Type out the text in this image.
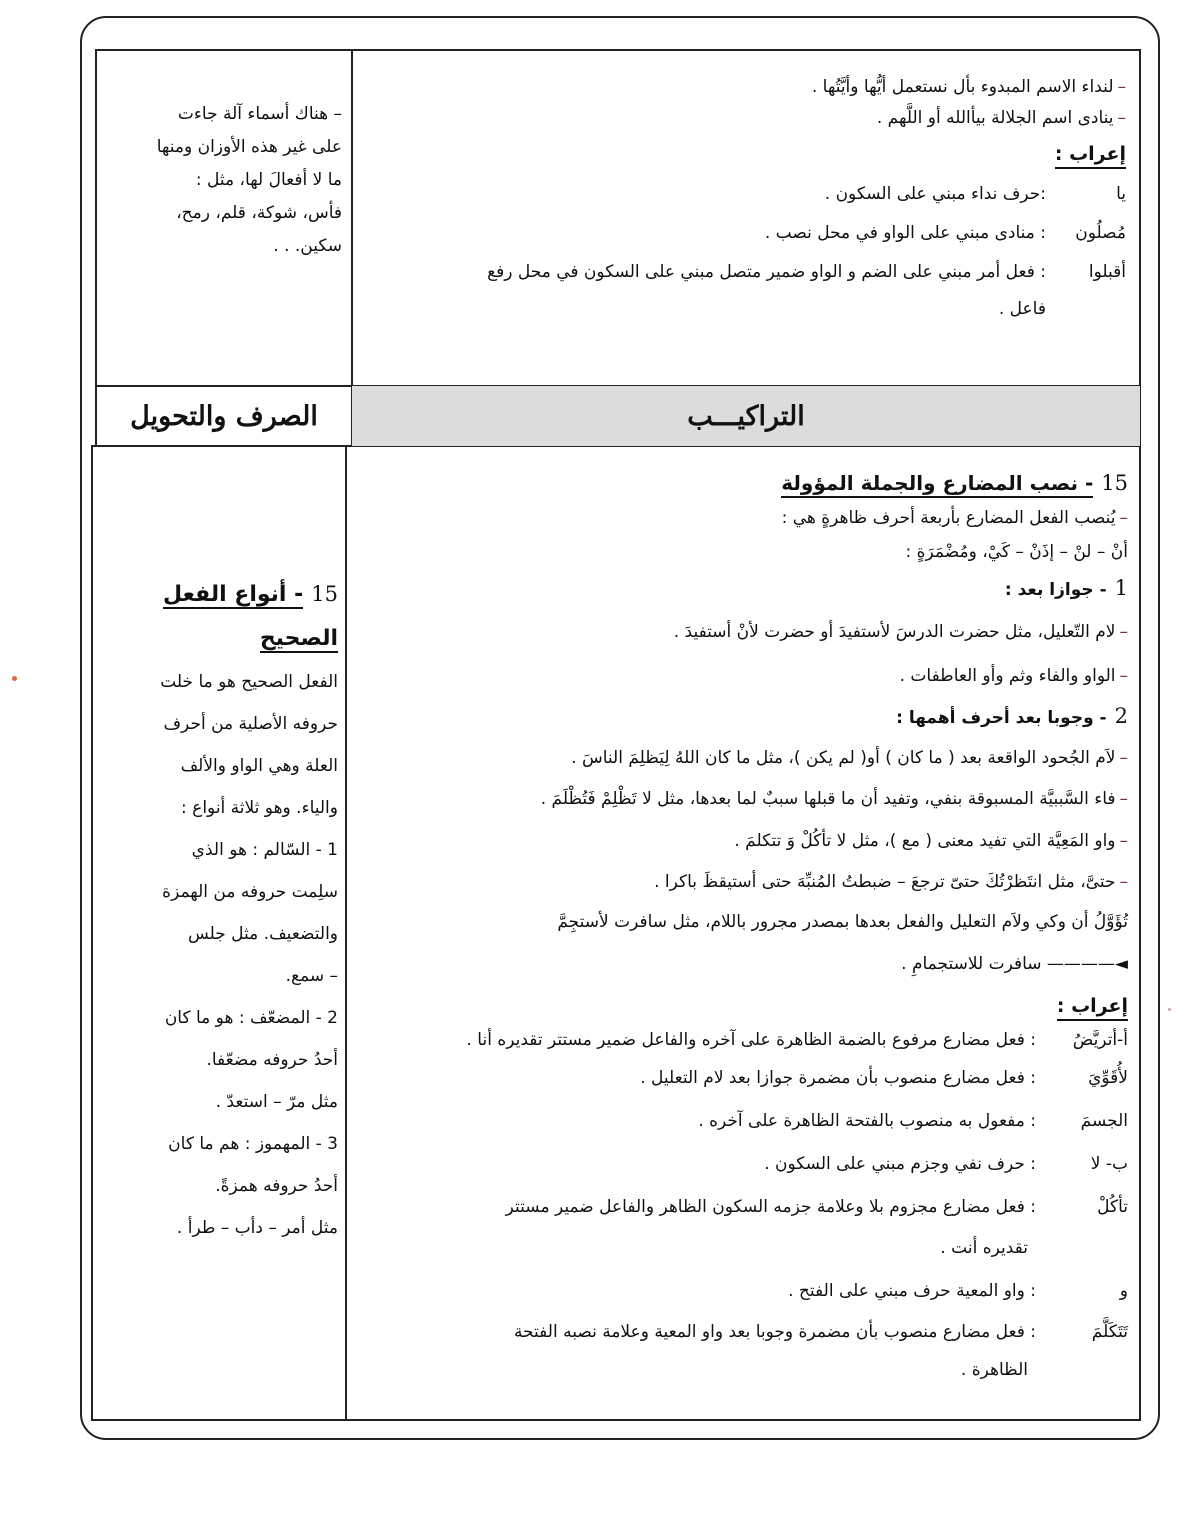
–لنداء الاسم المبدوء بأل نستعمل أيُّها وأيَّتُها .
–ينادى اسم الجلالة بيأالله أو اللَّهم .
إعراب :
يا:حرف نداء مبني على السكون .
مُصلُون: منادى مبني على الواو في محل نصب .
أقبلوا: فعل أمر مبني على الضم و الواو ضمير متصل مبني على السكون في محل رفع
فاعل .
– هناك أسماء آلة جاءت
على غير هذه الأوزان ومنها
ما لا أفعالَ لها، مثل :
فأس، شوكة، قلم، رمح،
سكين. . .
التراكيـــب
الصرف والتحويل
15- نصب المضارع والجملة المؤولة
–يُنصب الفعل المضارع بأربعة أحرف ظاهرةٍ هي :
أنْ – لنْ – إذَنْ – كَيْ، ومُضْمَرَةٍ :
1- جوازا بعد :
–لام التّعليل، مثل حضرت الدرسَ لأستفيدَ أو حضرت لأنْ أستفيدَ .
–الواو والفاء وثم وأو العاطفات .
2- وجوبا بعد أحرف أهمها :
–لاَم الجُحود الواقعة بعد ( ما كان ) أو( لم يكن )، مثل ما كان اللهُ لِيَظلِمَ الناسَ .
–فاء السَّببيَّة المسبوقة بنفي، وتفيد أن ما قبلها سببٌ لما بعدها، مثل لا تَظْلِمْ فَتُظْلَمَ .
–واو المَعِيَّة التي تفيد معنى ( مع )، مثل لا تأكُلْ وَ تتكلمَ .
–حتىَّ، مثل انتَظرْتُكَ حتىّ ترجعَ – ضبطتُ المُنبِّهَ حتى أستيقظَ باكرا .
تُؤَوَّلُ أن وكي ولاَم التعليل والفعل بعدها بمصدر مجرور باللام، مثل سافرت لأستجِمَّ
◄———— سافرت للاستجمامِ .
إعراب :
أ-أتريَّضُ: فعل مضارع مرفوع بالضمة الظاهرة على آخره والفاعل ضمير مستتر تقديره أنا .
لأُقَوِّيَ: فعل مضارع منصوب بأن مضمرة جوازا بعد لام التعليل .
الجسمَ: مفعول به منصوب بالفتحة الظاهرة على آخره .
ب- لا: حرف نفي وجزم مبني على السكون .
تأكُلْ: فعل مضارع مجزوم بلا وعلامة جزمه السكون الظاهر والفاعل ضمير مستتر
تقديره أنت .
و: واو المعية حرف مبني على الفتح .
تَتَكَلَّمَ: فعل مضارع منصوب بأن مضمرة وجوبا بعد واو المعية وعلامة نصبه الفتحة
الظاهرة .
15- أنواع الفعل
الصحيح
الفعل الصحيح هو ما خلت
حروفه الأصلية من أحرف
العلة وهي الواو والألف
والياء. وهو ثلاثة أنواع :
1 - السّالم : هو الذي
سلِمت حروفه من الهمزة
والتضعيف. مثل جلس
– سمع.
2 - المضعّف : هو ما كان
أحدُ حروفه مضعّفا.
مثل مرّ – استعدّ .
3 - المهموز : هم ما كان
أحدُ حروفه همزةً.
مثل أمر – دأب – طرأ .
